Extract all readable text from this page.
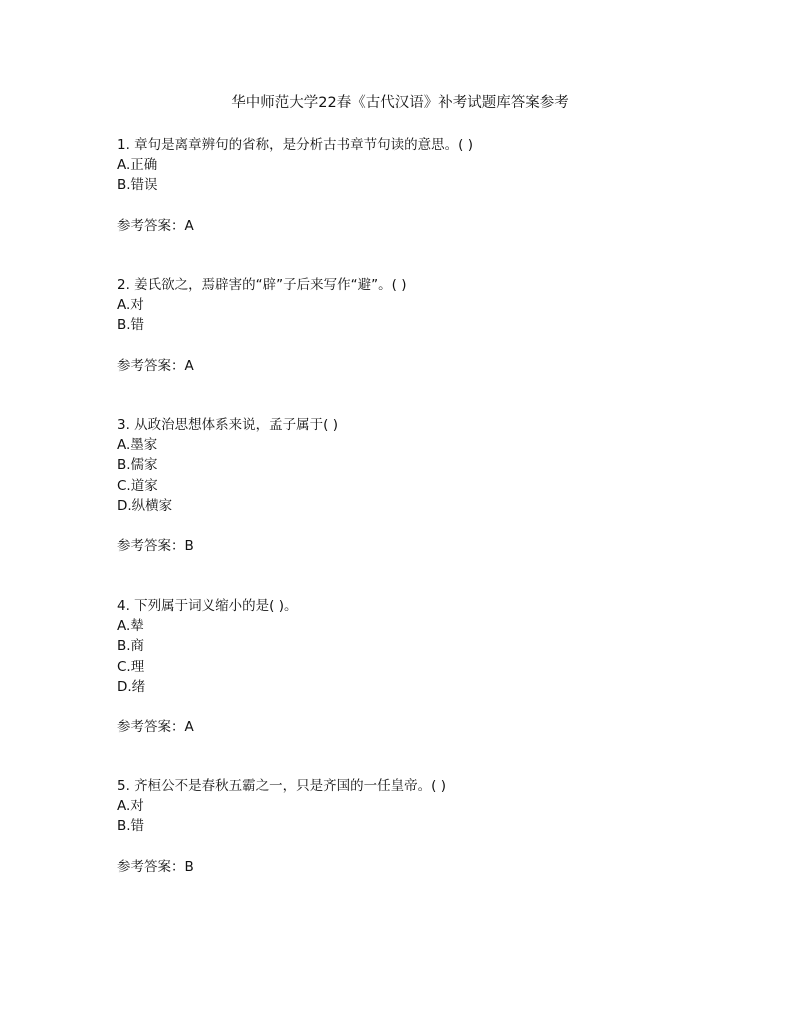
华中师范大学22春《古代汉语》补考试题库答案参考
1. 章句是离章辨句的省称，是分析古书章节句读的意思。( )
A.正确
B.错误
参考答案：A
2. 姜氏欲之，焉辟害的“辟”子后来写作“避”。( )
A.对
B.错
参考答案：A
3. 从政治思想体系来说，孟子属于( )
A.墨家
B.儒家
C.道家
D.纵横家
参考答案：B
4. 下列属于词义缩小的是( )。
A.辇
B.商
C.理
D.绪
参考答案：A
5. 齐桓公不是春秋五霸之一，只是齐国的一任皇帝。( )
A.对
B.错
参考答案：B
